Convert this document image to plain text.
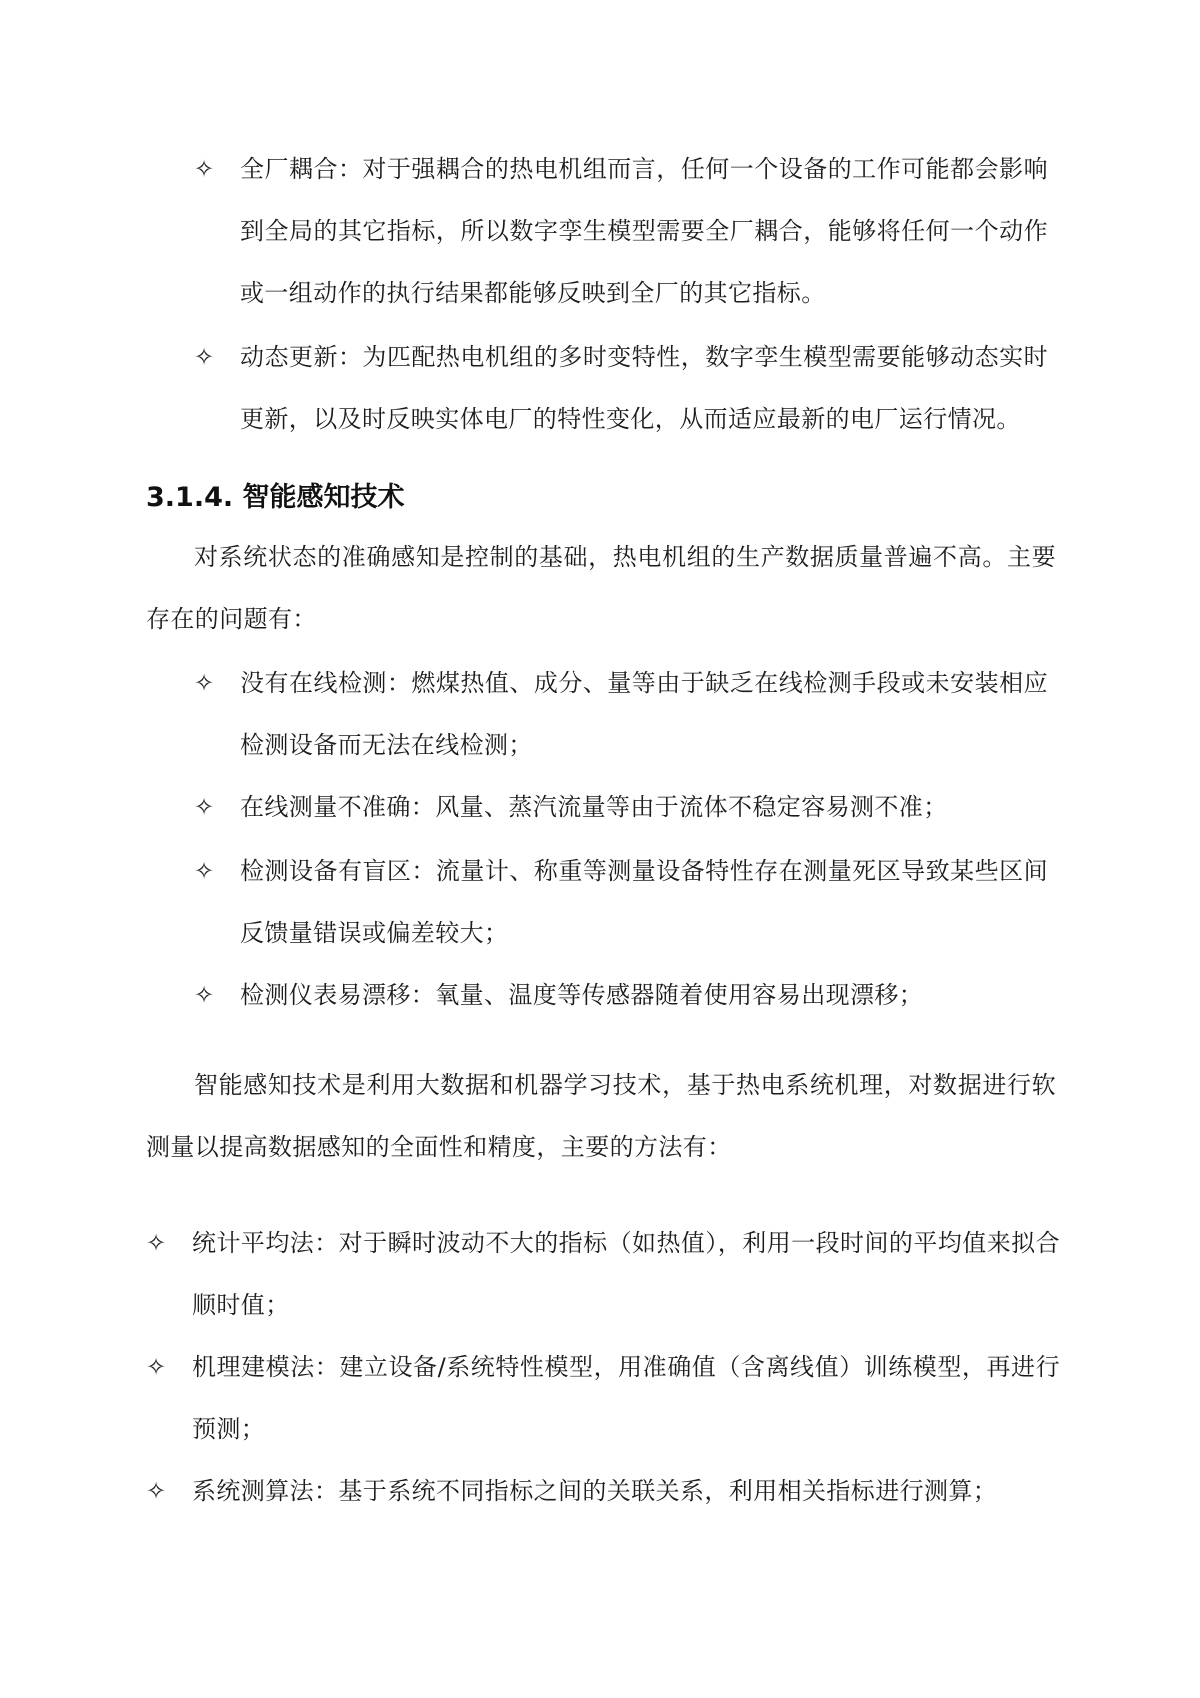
✧ 全厂耦合：对于强耦合的热电机组而言，任何一个设备的工作可能都会影响到全局的其它指标，所以数字孪生模型需要全厂耦合，能够将任何一个动作或一组动作的执行结果都能够反映到全厂的其它指标。
✧ 动态更新：为匹配热电机组的多时变特性，数字孪生模型需要能够动态实时更新，以及时反映实体电厂的特性变化，从而适应最新的电厂运行情况。
3.1.4. 智能感知技术
对系统状态的准确感知是控制的基础，热电机组的生产数据质量普遍不高。主要存在的问题有：
✧ 没有在线检测：燃煤热值、成分、量等由于缺乏在线检测手段或未安装相应检测设备而无法在线检测；
✧ 在线测量不准确：风量、蒸汽流量等由于流体不稳定容易测不准；
✧ 检测设备有盲区：流量计、称重等测量设备特性存在测量死区导致某些区间反馈量错误或偏差较大；
✧ 检测仪表易漂移：氧量、温度等传感器随着使用容易出现漂移；
智能感知技术是利用大数据和机器学习技术，基于热电系统机理，对数据进行软测量以提高数据感知的全面性和精度，主要的方法有：
✧ 统计平均法：对于瞬时波动不大的指标（如热值），利用一段时间的平均值来拟合顺时值；
✧ 机理建模法：建立设备/系统特性模型，用准确值（含离线值）训练模型，再进行预测；
✧ 系统测算法：基于系统不同指标之间的关联关系，利用相关指标进行测算；
